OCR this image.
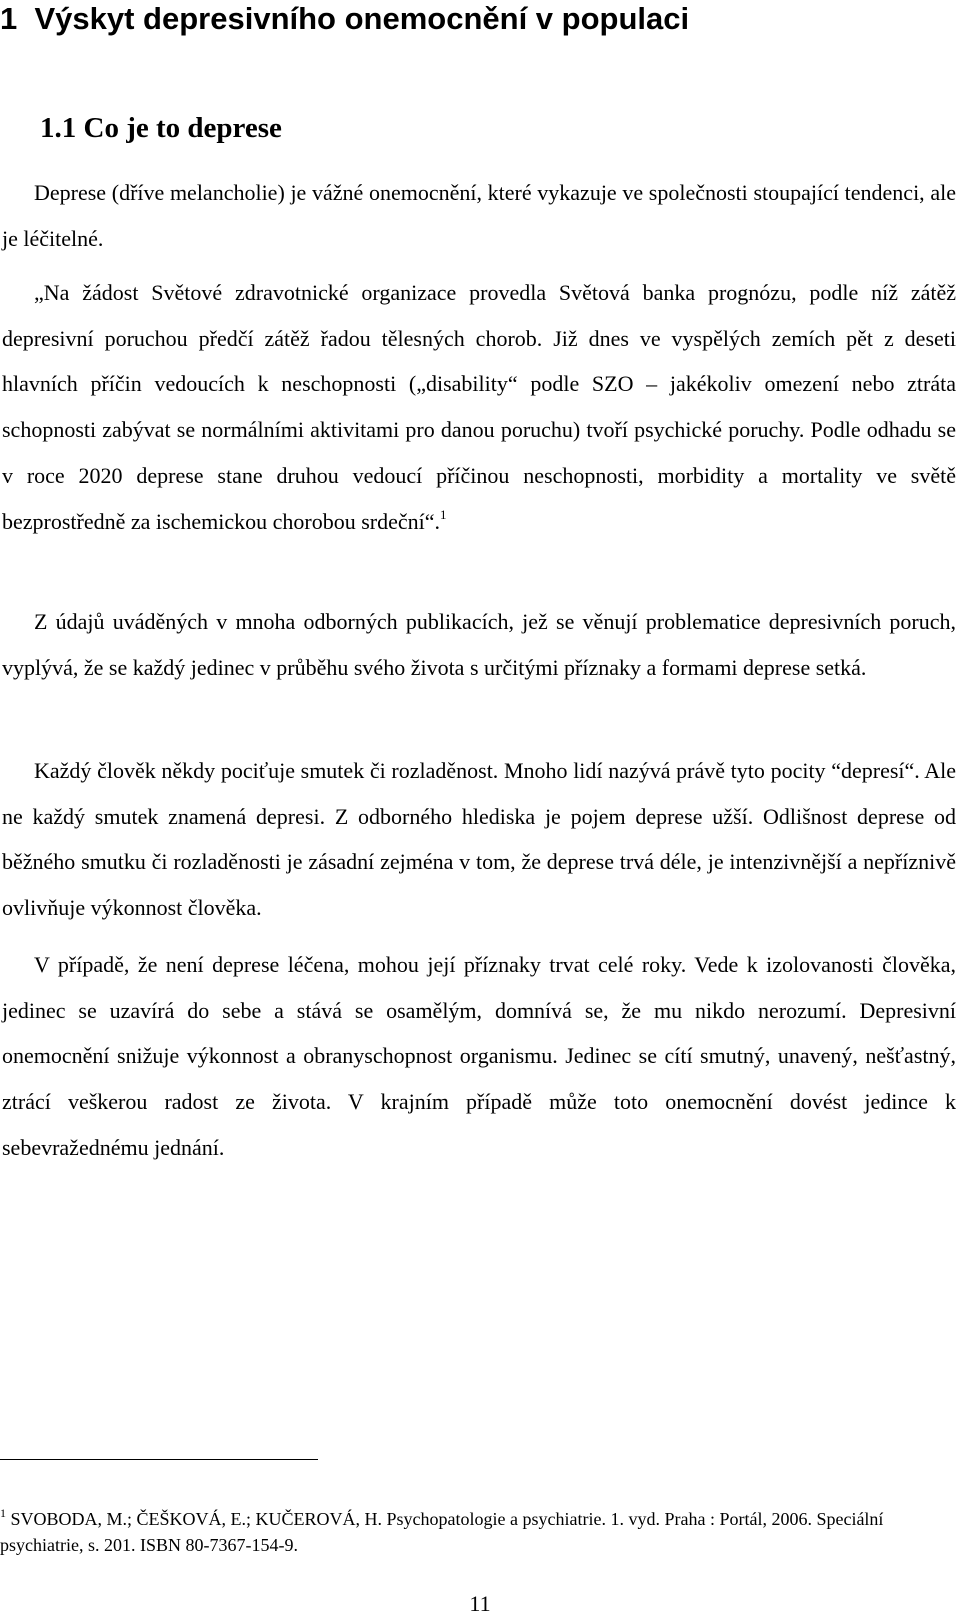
1 Výskyt depresivního onemocnění v populaci
1.1 Co je to deprese

Deprese (dříve melancholie) je vážné onemocnění, které vykazuje ve společnosti stoupající tendenci, ale je léčitelné.

„Na žádost Světové zdravotnické organizace provedla Světová banka prognózu, podle níž zátěž depresivní poruchou předčí zátěž řadou tělesných chorob. Již dnes ve vyspělých zemích pět z deseti hlavních příčin vedoucích k neschopnosti („disability“ podle SZO – jakékoliv omezení nebo ztráta schopnosti zabývat se normálními aktivitami pro danou poruchu) tvoří psychické poruchy. Podle odhadu se v roce 2020 deprese stane druhou vedoucí příčinou neschopnosti, morbidity a mortality ve světě bezprostředně za ischemickou chorobou srdeční“.$^1$

Z údajů uváděných v mnoha odborných publikacích, jež se věnují problematice depresivních poruch, vyplývá, že se každý jedinec v průběhu svého života s určitými příznaky a formami deprese setká.

Každý člověk někdy pociťuje smutek či rozladěnost. Mnoho lidí nazývá právě tyto pocity “depresí“. Ale ne každý smutek znamená depresi. Z odborného hlediska je pojem deprese užší. Odlišnost deprese od běžného smutku či rozladěnosti je zásadní zejména v tom, že deprese trvá déle, je intenzivnější a nepříznivě ovlivňuje výkonnost člověka.

V případě, že není deprese léčena, mohou její příznaky trvat celé roky. Vede k izolovanosti člověka, jedinec se uzavírá do sebe a stává se osamělým, domnívá se, že mu nikdo nerozumí. Depresivní onemocnění snižuje výkonnost a obranyschopnost organismu. Jedinec se cítí smutný, unavený, nešťastný, ztrácí veškerou radost ze života. V krajním případě může toto onemocnění dovést jedince k sebevražednému jednání.

$^1$ SVOBODA, M.; ČEŠKOVÁ, E.; KUČEROVÁ, H. Psychopatologie a psychiatrie. 1. vyd. Praha : Portál, 2006. Speciální psychiatrie, s. 201. ISBN 80-7367-154-9.

11
